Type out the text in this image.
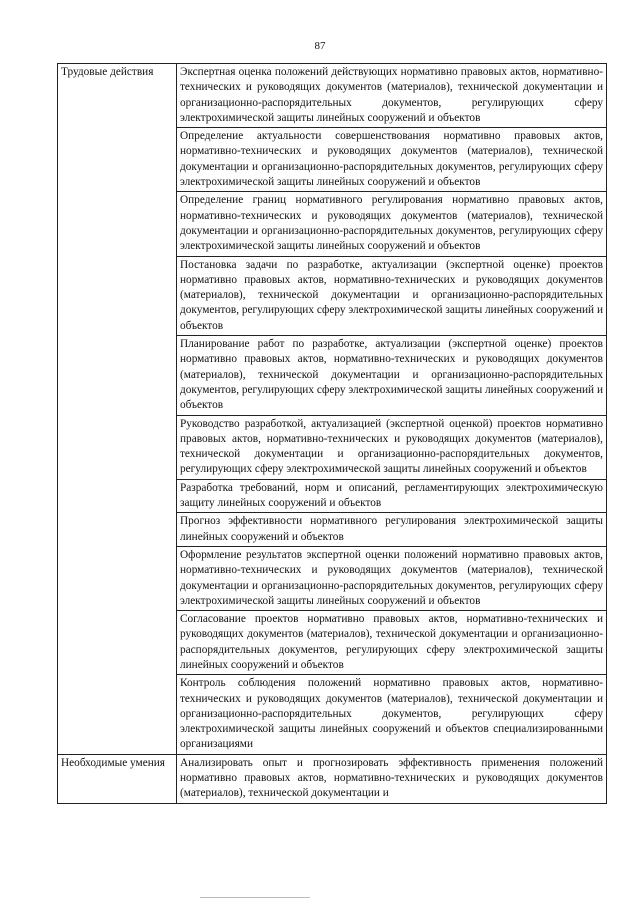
87
Трудовые действия	Экспертная оценка положений действующих нормативно правовых актов, нормативно-технических и руководящих документов (материалов), технической документации и организационно-распорядительных документов, регулирующих сферу электрохимической защиты линейных сооружений и объектов
	Определение актуальности совершенствования нормативно правовых актов, нормативно-технических и руководящих документов (материалов), технической документации и организационно-распорядительных документов, регулирующих сферу электрохимической защиты линейных сооружений и объектов
	Определение границ нормативного регулирования нормативно правовых актов, нормативно-технических и руководящих документов (материалов), технической документации и организационно-распорядительных документов, регулирующих сферу электрохимической защиты линейных сооружений и объектов
	Постановка задачи по разработке, актуализации (экспертной оценке) проектов нормативно правовых актов, нормативно-технических и руководящих документов (материалов), технической документации и организационно-распорядительных документов, регулирующих сферу электрохимической защиты линейных сооружений и объектов
	Планирование работ по разработке, актуализации (экспертной оценке) проектов нормативно правовых актов, нормативно-технических и руководящих документов (материалов), технической документации и организационно-распорядительных документов, регулирующих сферу электрохимической защиты линейных сооружений и объектов
	Руководство разработкой, актуализацией (экспертной оценкой) проектов нормативно правовых актов, нормативно-технических и руководящих документов (материалов), технической документации и организационно-распорядительных документов, регулирующих сферу электрохимической защиты линейных сооружений и объектов
	Разработка требований, норм и описаний, регламентирующих электрохимическую защиту линейных сооружений и объектов
	Прогноз эффективности нормативного регулирования электрохимической защиты линейных сооружений и объектов
	Оформление результатов экспертной оценки положений нормативно правовых актов, нормативно-технических и руководящих документов (материалов), технической документации и организационно-распорядительных документов, регулирующих сферу электрохимической защиты линейных сооружений и объектов
	Согласование проектов нормативно правовых актов, нормативно-технических и руководящих документов (материалов), технической документации и организационно-распорядительных документов, регулирующих сферу электрохимической защиты линейных сооружений и объектов
	Контроль соблюдения положений нормативно правовых актов, нормативно-технических и руководящих документов (материалов), технической документации и организационно-распорядительных документов, регулирующих сферу электрохимической защиты линейных сооружений и объектов специализированными организациями
Необходимые умения	Анализировать опыт и прогнозировать эффективность применения положений нормативно правовых актов, нормативно-технических и руководящих документов (материалов), технической документации и
